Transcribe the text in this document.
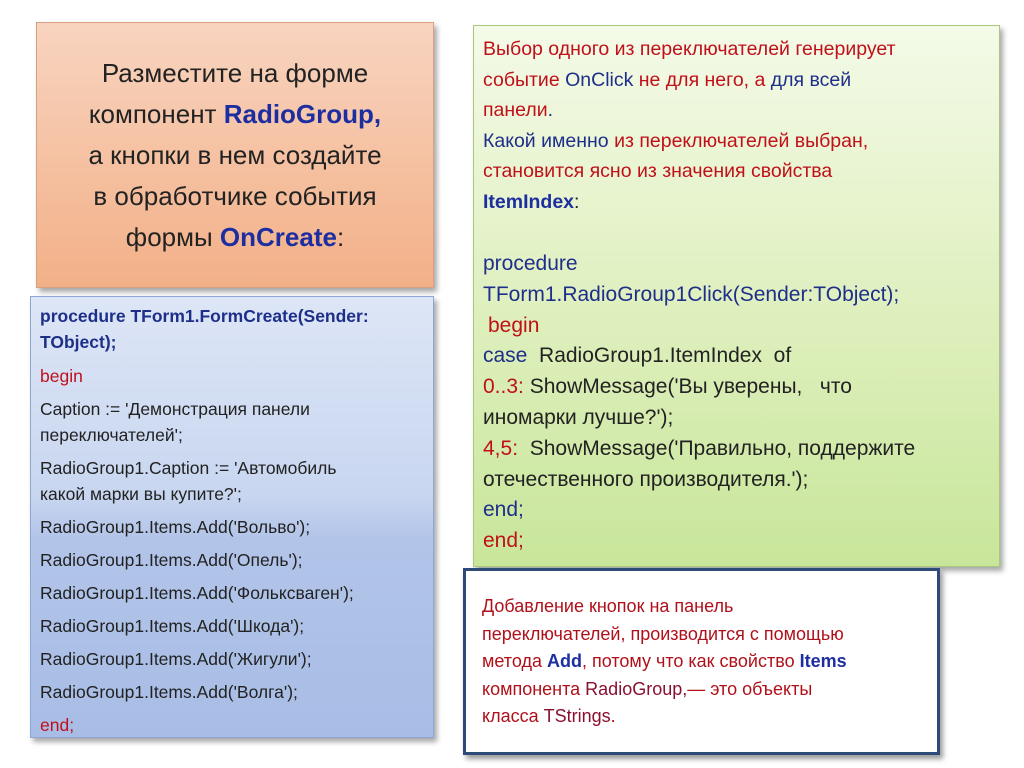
Разместите на форме
компонент RadioGroup,
а кнопки в нем создайте
в обработчике события
формы OnCreate:
procedure TForm1.FormCreate(Sender:
TObject);
begin
Caption := 'Демонстрация панели
переключателей';
RadioGroup1.Caption := 'Автомобиль
какой марки вы купите?';
RadioGroup1.Items.Add('Вольво');
RadioGroup1.Items.Add('Опель');
RadioGroup1.Items.Add('Фольксваген');
RadioGroup1.Items.Add('Шкода');
RadioGroup1.Items.Add('Жигули');
RadioGroup1.Items.Add('Волга');
end;
Выбор одного из переключателей генерирует
событие OnClick не для него, а для всей
панели.
Какой именно из переключателей выбран,
становится ясно из значения свойства
ItemIndex:
procedure
TForm1.RadioGroup1Click(Sender:TObject);
begin
case  RadioGroup1.ItemIndex  of
0..3: ShowMessage('Вы уверены,   что
иномарки лучше?');
4,5:  ShowMessage('Правильно, поддержите
отечественного производителя.');
end;
end;
Добавление кнопок на панель
переключателей, производится с помощью
метода Add, потому что как свойство Items
компонента RadioGroup,— это объекты
класса TStrings.
